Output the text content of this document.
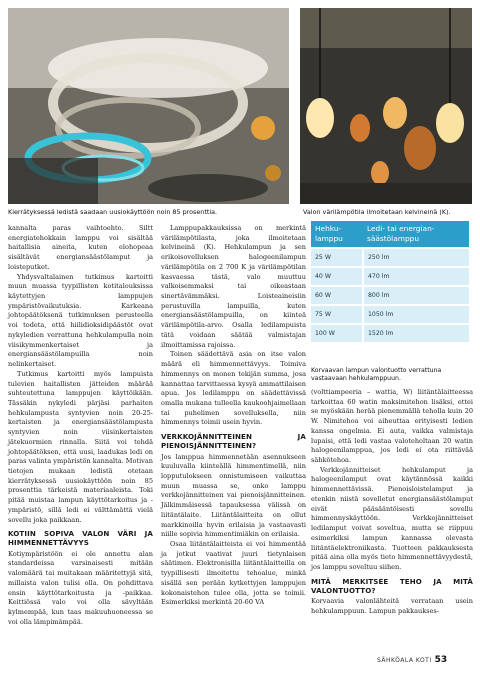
Kierrätyksessä ledistä saadaan uusiokäyttöön noin 85 prosenttia.	Valon värilämpötila ilmoitetaan kelvineinä (K).

kannalta paras vaihtoehto. Siltt energiatehokkain lamppu voi sisältää haitallisia aineita, kuten elohopeaa sisältävät energiansäästölamput ja loisteputket.

Yhdysvaltalainen tutkimus kartoitti muun muassa tyypillisten kotitalouksissa käytettyjen lamppujen ympäristövaikutuksia. Karkeana johtopäätöksenä tutkimuksen perusteella voi todeta, että hiilidioksidipäästöt ovat nykyledien verrattuna hehkulampulla noin viisikymmenkertaiset ja energiansäästölampuilla noin nelinkertaiset.

Tutkimus kartoitti myös lampuista tulevien haitallisten jätteiden määrää suhteutettuna lamppujen käyttöikään. Tässäkin nykyledi pärjäsi parhaiten hehkulampusta syntyvien noin 20-25-kertaisten ja energiansäästölampusta syntyvien noin viisinkertaisten jätekuormien rinnalla. Siitä voi tehdä johtopäätöksen, että uusi, laadukas ledi on paras valinta ympäristön kannalta. Motivan tietojen mukaan ledistä otetaan kierrätyksessä uusiokäyttöön noin 85 prosenttia tärkeistä materiaaleista. Toki pitää muistaa lampun käyttötarkoitus ja -ympäristö, sillä ledi ei välttämättä vielä sovellu joka paikkaan.

KOTIIN SOPIVA VALON VÄRI JA HIMMENNETTÄVYYS

Kotiympäristöön ei ole annettu alan standardeissa varsinaisesti mitään valomäärä tai muitakaan määritettyjä sitä, millaista valon tulisi olla. On pohdittava ensin käyttötarkoitusta ja -paikkaa. Keittiössä valo voi olla sävyltään kylmempää, kun taas makuuhuoneessa se voi olla lämpimämpää.

Lamppupakkauksissa on merkintä värilämpötilasta, joka ilmoitetaan kelvineinä (K). Hehkulampun ja sen erikoisovelluksen halogeenilampun värilämpötila on 2 700 K ja värilämpötilan kasvaessa tästä, valo muuttuu valkoisemmaksi tai oikeastaan sinertävämmäksi. Loisteaineisiin perustuvilla lampuilla, kuten energiansäästölampuilla, on kiinteä värilämpötila-arvo. Osalla ledilampuista tätä voidaan säätää valmistajan ilmoittamissa rajoissa.

Toinen säädettävä asia on itse valon määrä eli himmennettävyys. Toimiva himmennys on monen tekijän summa, josa kannattaa tarvittaessa kysyä ammattilaisen apua. Jos ledilamppu on säädettävissä omalla mukana tulleella kaukoohjaimellaan tai puhelimen sovelluksella, niin himmennys toimii usein hyvin.

VERKKOJÄNNITTEINEN JA PIENOISJÄNNITTEINEN?

Jos lamppua himmennetään asennukseen kuuluvalla kiinteällä himmentimellä, niin lopputulokseen onnistumiseen vaikuttaa muun muassa se, onko lamppu verkkojännitteinen vai pienoisjännitteinen. Jälkimmäisessä tapauksessa välissä on liitäntälaite. Liitäntälaitteita on ollut markkinoilla hyvin erilaisia ja vastaavasti niille sopivia himmentimiäkin on erilaisia.

Osaa liitäntälaitteista ei voi himmentää ja jotkut vaativat juuri tietynlaisen säätimen. Elektronisilla liitäntälaitteilla on tyypillisesti ilmoitettu tehoalue, minkä sisällä sen perään kytkettyjen lamppujen kokonaistehon tulee olla, jotta se toimii. Esimerkiksi merkintä 20-60 VA

Hehku-lamppu	Ledi- tai energian-säästölamppu
25 W	250 lm
40 W	470 lm
60 W	800 lm
75 W	1050 lm
100 W	1520 lm
Korvaavan lampun valontuotto verrattuna vastaavaan hehkulamppuun.

(volttiampeeria – wattia, W) liitäntälaitteessa tarkoittaa 60 watin maksimitehon lisäksi, ettei se myöskään herää pienemmällä teholla kuin 20 W. Nimitehoa voi aiheuttaa erityisesti ledien kanssa ongelmia. Ei auta, vaikka valmistaja lupaisi, että ledi vastaa valoteholtaan 20 watin halogeenilamppua, jos ledi ei ota riittävää sähkötehoa.

Verkkojännitteiset hehkulamput ja halogeenilamput ovat käytännössä kaikki himmennettävissä. Pienoisloistelamput ja etenkin niistä sovelletut energiansäästölamput eivät pääsääntöisesti sovellu himmennyskäyttöön. Verkkojännitteiset ledilamput voivat soveltua, mutta se riippuu esimerkiksi lampun kannassa olevasta liitäntäelektroniikasta. Tuotteen pakkauksesta pitää aina olla myös tieto himmennettävyydestä, jos lamppu soveltuu siihen.

MITÄ MERKITSEE TEHO JA MITÄ VALONTUOTTO?

Korvaavia valonlähteitä verrataan usein hehkulamppuun. Lampun pakkaukses-

SÄHKÖALA KOTI 53
